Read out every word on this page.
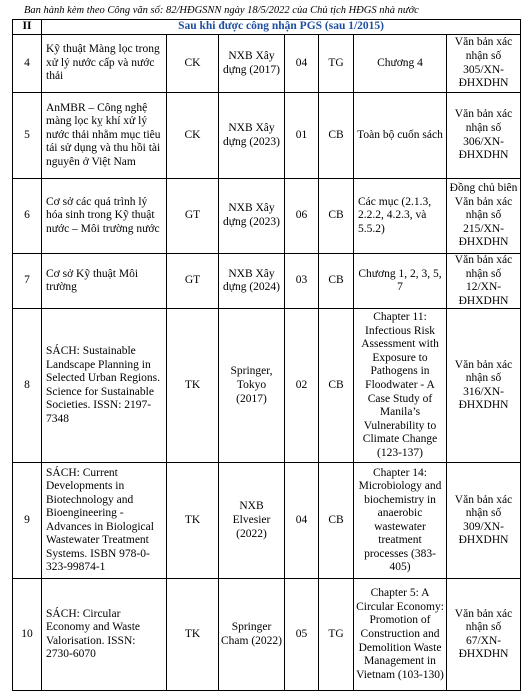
Ban hành kèm theo Công văn số: 82/HĐGSNN ngày 18/5/2022 của Chủ tịch HĐGS nhà nước
II	Sau khi được công nhận PGS (sau 1/2015)						
4	Kỹ thuật Màng lọc trong xử lý nước cấp và nước thải	CK	NXB Xây dựng (2017)	04	TG	Chương 4	Văn bản xác nhận số 305/XN-ĐHXDHN
5	AnMBR – Công nghệ màng lọc kỵ khí xử lý nước thải nhằm mục tiêu tái sử dụng và thu hồi tài nguyên ở Việt Nam	CK	NXB Xây dựng (2023)	01	CB	Toàn bộ cuốn sách	Văn bản xác nhận số 306/XN-ĐHXDHN
6	Cơ sở các quá trình lý hóa sinh trong Kỹ thuật nước – Môi trường nước	GT	NXB Xây dựng (2023)	06	CB	Các mục (2.1.3, 2.2.2, 4.2.3, và 5.5.2)	Đồng chủ biên Văn bản xác nhận số 215/XN-ĐHXDHN
7	Cơ sở Kỹ thuật Môi trường	GT	NXB Xây dựng (2024)	03	CB	Chương 1, 2, 3, 5, 7	Văn bản xác nhận số 12/XN-ĐHXDHN
8	SÁCH: Sustainable Landscape Planning in Selected Urban Regions. Science for Sustainable Societies. ISSN: 2197-7348	TK	Springer, Tokyo (2017)	02	CB	Chapter 11: Infectious Risk Assessment with Exposure to Pathogens in Floodwater - A Case Study of Manila’s Vulnerability to Climate Change (123-137)	Văn bản xác nhận số 316/XN-ĐHXDHN
9	SÁCH: Current Developments in Biotechnology and Bioengineering - Advances in Biological Wastewater Treatment Systems. ISBN 978-0-323-99874-1	TK	NXB Elvesier (2022)	04	CB	Chapter 14: Microbiology and biochemistry in anaerobic wastewater treatment processes (383-405)	Văn bản xác nhận số 309/XN-ĐHXDHN
10	SÁCH: Circular Economy and Waste Valorisation. ISSN: 2730-6070	TK	Springer Cham (2022)	05	TG	Chapter 5: A Circular Economy: Promotion of Construction and Demolition Waste Management in Vietnam (103-130)	Văn bản xác nhận số 67/XN-ĐHXDHN
